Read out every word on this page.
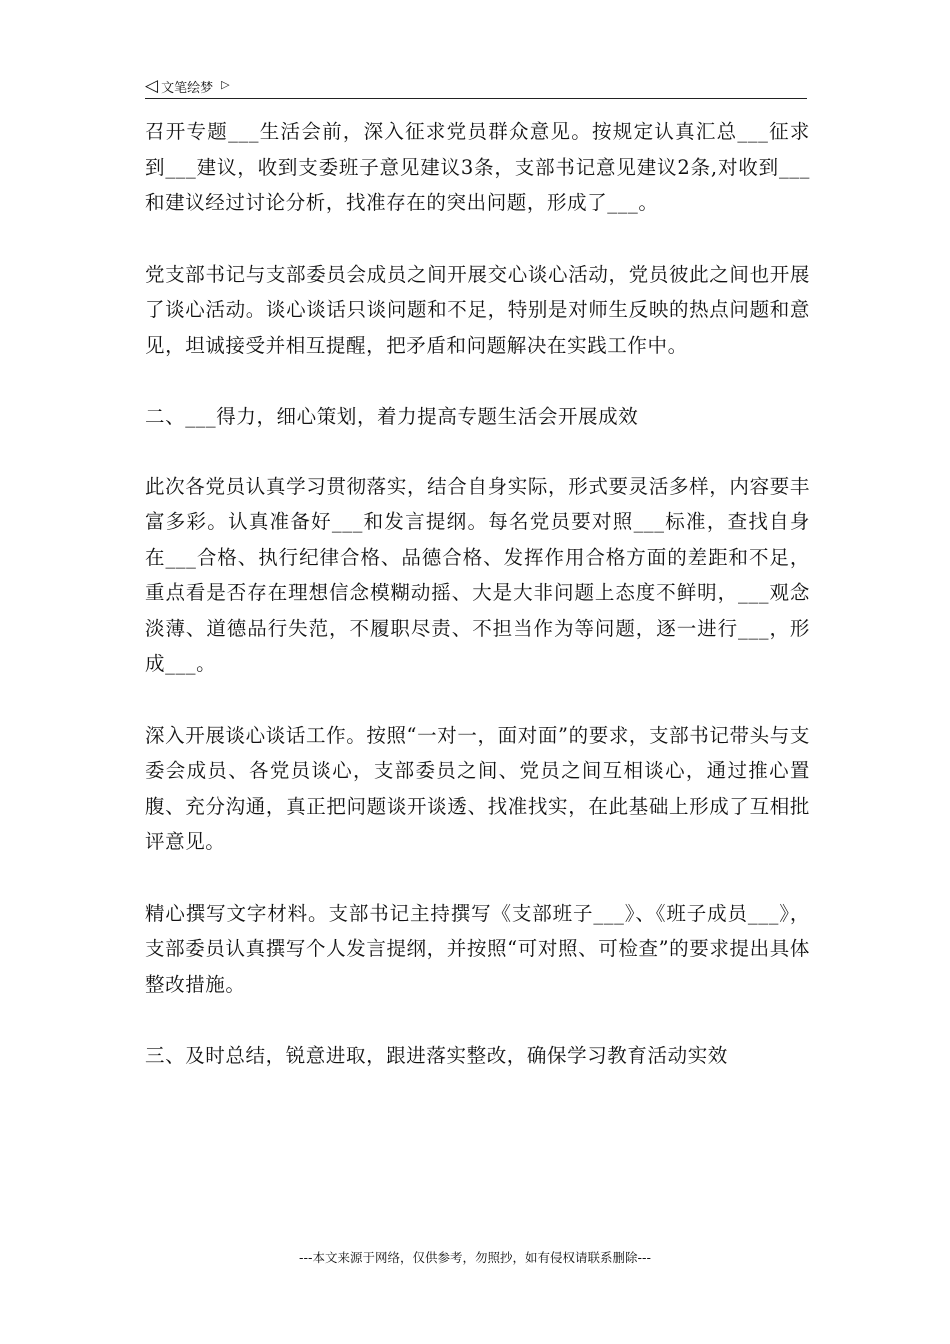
◁ 文笔绘梦 ▷

召开专题___生活会前，深入征求党员群众意见。按规定认真汇总___征求到___建议，收到支委班子意见建议3条，支部书记意见建议2条,对收到___和建议经过讨论分析，找准存在的突出问题，形成了___。

党支部书记与支部委员会成员之间开展交心谈心活动，党员彼此之间也开展了谈心活动。谈心谈话只谈问题和不足，特别是对师生反映的热点问题和意见，坦诚接受并相互提醒，把矛盾和问题解决在实践工作中。

二、___得力，细心策划，着力提高专题生活会开展成效

此次各党员认真学习贯彻落实，结合自身实际，形式要灵活多样，内容要丰富多彩。认真准备好___和发言提纲。每名党员要对照___标准，查找自身在___合格、执行纪律合格、品德合格、发挥作用合格方面的差距和不足，重点看是否存在理想信念模糊动摇、大是大非问题上态度不鲜明，___观念淡薄、道德品行失范，不履职尽责、不担当作为等问题，逐一进行___，形成___。

深入开展谈心谈话工作。按照“一对一，面对面”的要求，支部书记带头与支委会成员、各党员谈心，支部委员之间、党员之间互相谈心，通过推心置腹、充分沟通，真正把问题谈开谈透、找准找实，在此基础上形成了互相批评意见。

精心撰写文字材料。支部书记主持撰写《支部班子___》、《班子成员___》，支部委员认真撰写个人发言提纲，并按照“可对照、可检查”的要求提出具体整改措施。

三、及时总结，锐意进取，跟进落实整改，确保学习教育活动实效

---本文来源于网络，仅供参考，勿照抄，如有侵权请联系删除---
